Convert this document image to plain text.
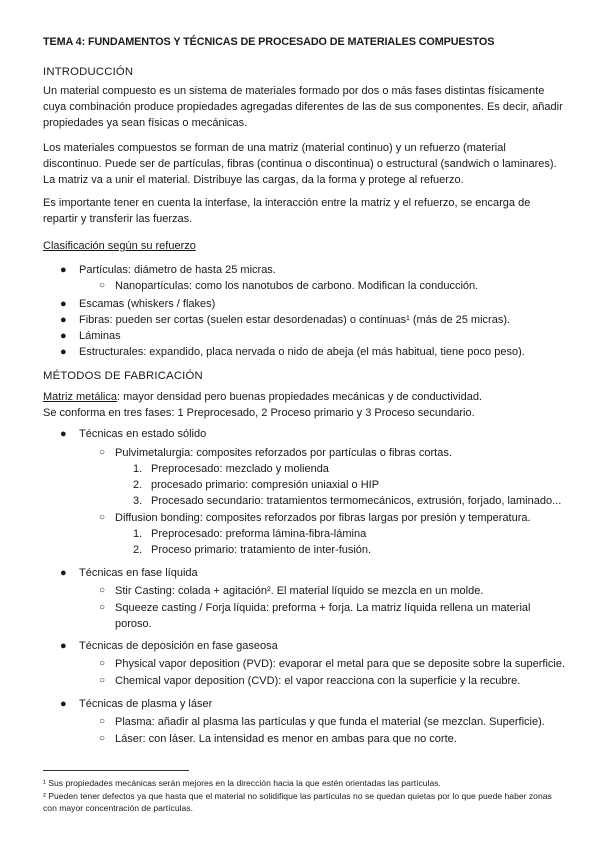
TEMA 4: FUNDAMENTOS Y TÉCNICAS DE PROCESADO DE MATERIALES COMPUESTOS
INTRODUCCIÓN
Un material compuesto es un sistema de materiales formado por dos o más fases distintas físicamente cuya combinación produce propiedades agregadas diferentes de las de sus componentes. Es decir, añadir propiedades ya sean físicas o mecánicas.
Los materiales compuestos se forman de una matriz (material continuo) y un refuerzo (material discontinuo. Puede ser de partículas, fibras (continua o discontinua) o estructural (sandwich o laminares). La matriz va a unir el material. Distribuye las cargas, da la forma y protege al refuerzo.
Es importante tener en cuenta la interfase, la interacción entre la matriz y el refuerzo, se encarga de repartir y transferir las fuerzas.
Clasificación según su refuerzo
● Partículas: diámetro de hasta 25 micras.
○ Nanopartículas: como los nanotubos de carbono. Modifican la conducción.
● Escamas (whiskers / flakes)
● Fibras: pueden ser cortas (suelen estar desordenadas) o continuas¹ (más de 25 micras).
● Láminas
● Estructurales: expandido, placa nervada o nido de abeja (el más habitual, tiene poco peso).
MÉTODOS DE FABRICACIÓN
Matriz metálica: mayor densidad pero buenas propiedades mecánicas y de conductividad.
Se conforma en tres fases: 1 Preprocesado, 2 Proceso primario y 3 Proceso secundario.
● Técnicas en estado sólido
○ Pulvimetalurgia: composites reforzados por partículas o fibras cortas.
1. Preprocesado: mezclado y molienda
2. procesado primario: compresión uniaxial o HIP
3. Procesado secundario: tratamientos termomecánicos, extrusión, forjado, laminado...
○ Diffusion bonding: composites reforzados por fibras largas por presión y temperatura.
1. Preprocesado: preforma lámina-fibra-lámina
2. Proceso primario: tratamiento de inter-fusión.
● Técnicas en fase líquida
○ Stir Casting: colada + agitación². El material líquido se mezcla en un molde.
○ Squeeze casting / Forja líquida: preforma + forja. La matriz líquida rellena un material
poroso.
● Técnicas de deposición en fase gaseosa
○ Physical vapor deposition (PVD): evaporar el metal para que se deposite sobre la superficie.
○ Chemical vapor deposition (CVD): el vapor reacciona con la superficie y la recubre.
● Técnicas de plasma y láser
○ Plasma: añadir al plasma las partículas y que funda el material (se mezclan. Superficie).
○ Láser: con láser. La intensidad es menor en ambas para que no corte.
¹ Sus propiedades mecánicas serán mejores en la dirección hacia la que estén orientadas las partículas.
² Pueden tener defectos ya que hasta que el material no solidifique las partículas no se quedan quietas por lo que puede haber zonas con mayor concentración de partículas.
